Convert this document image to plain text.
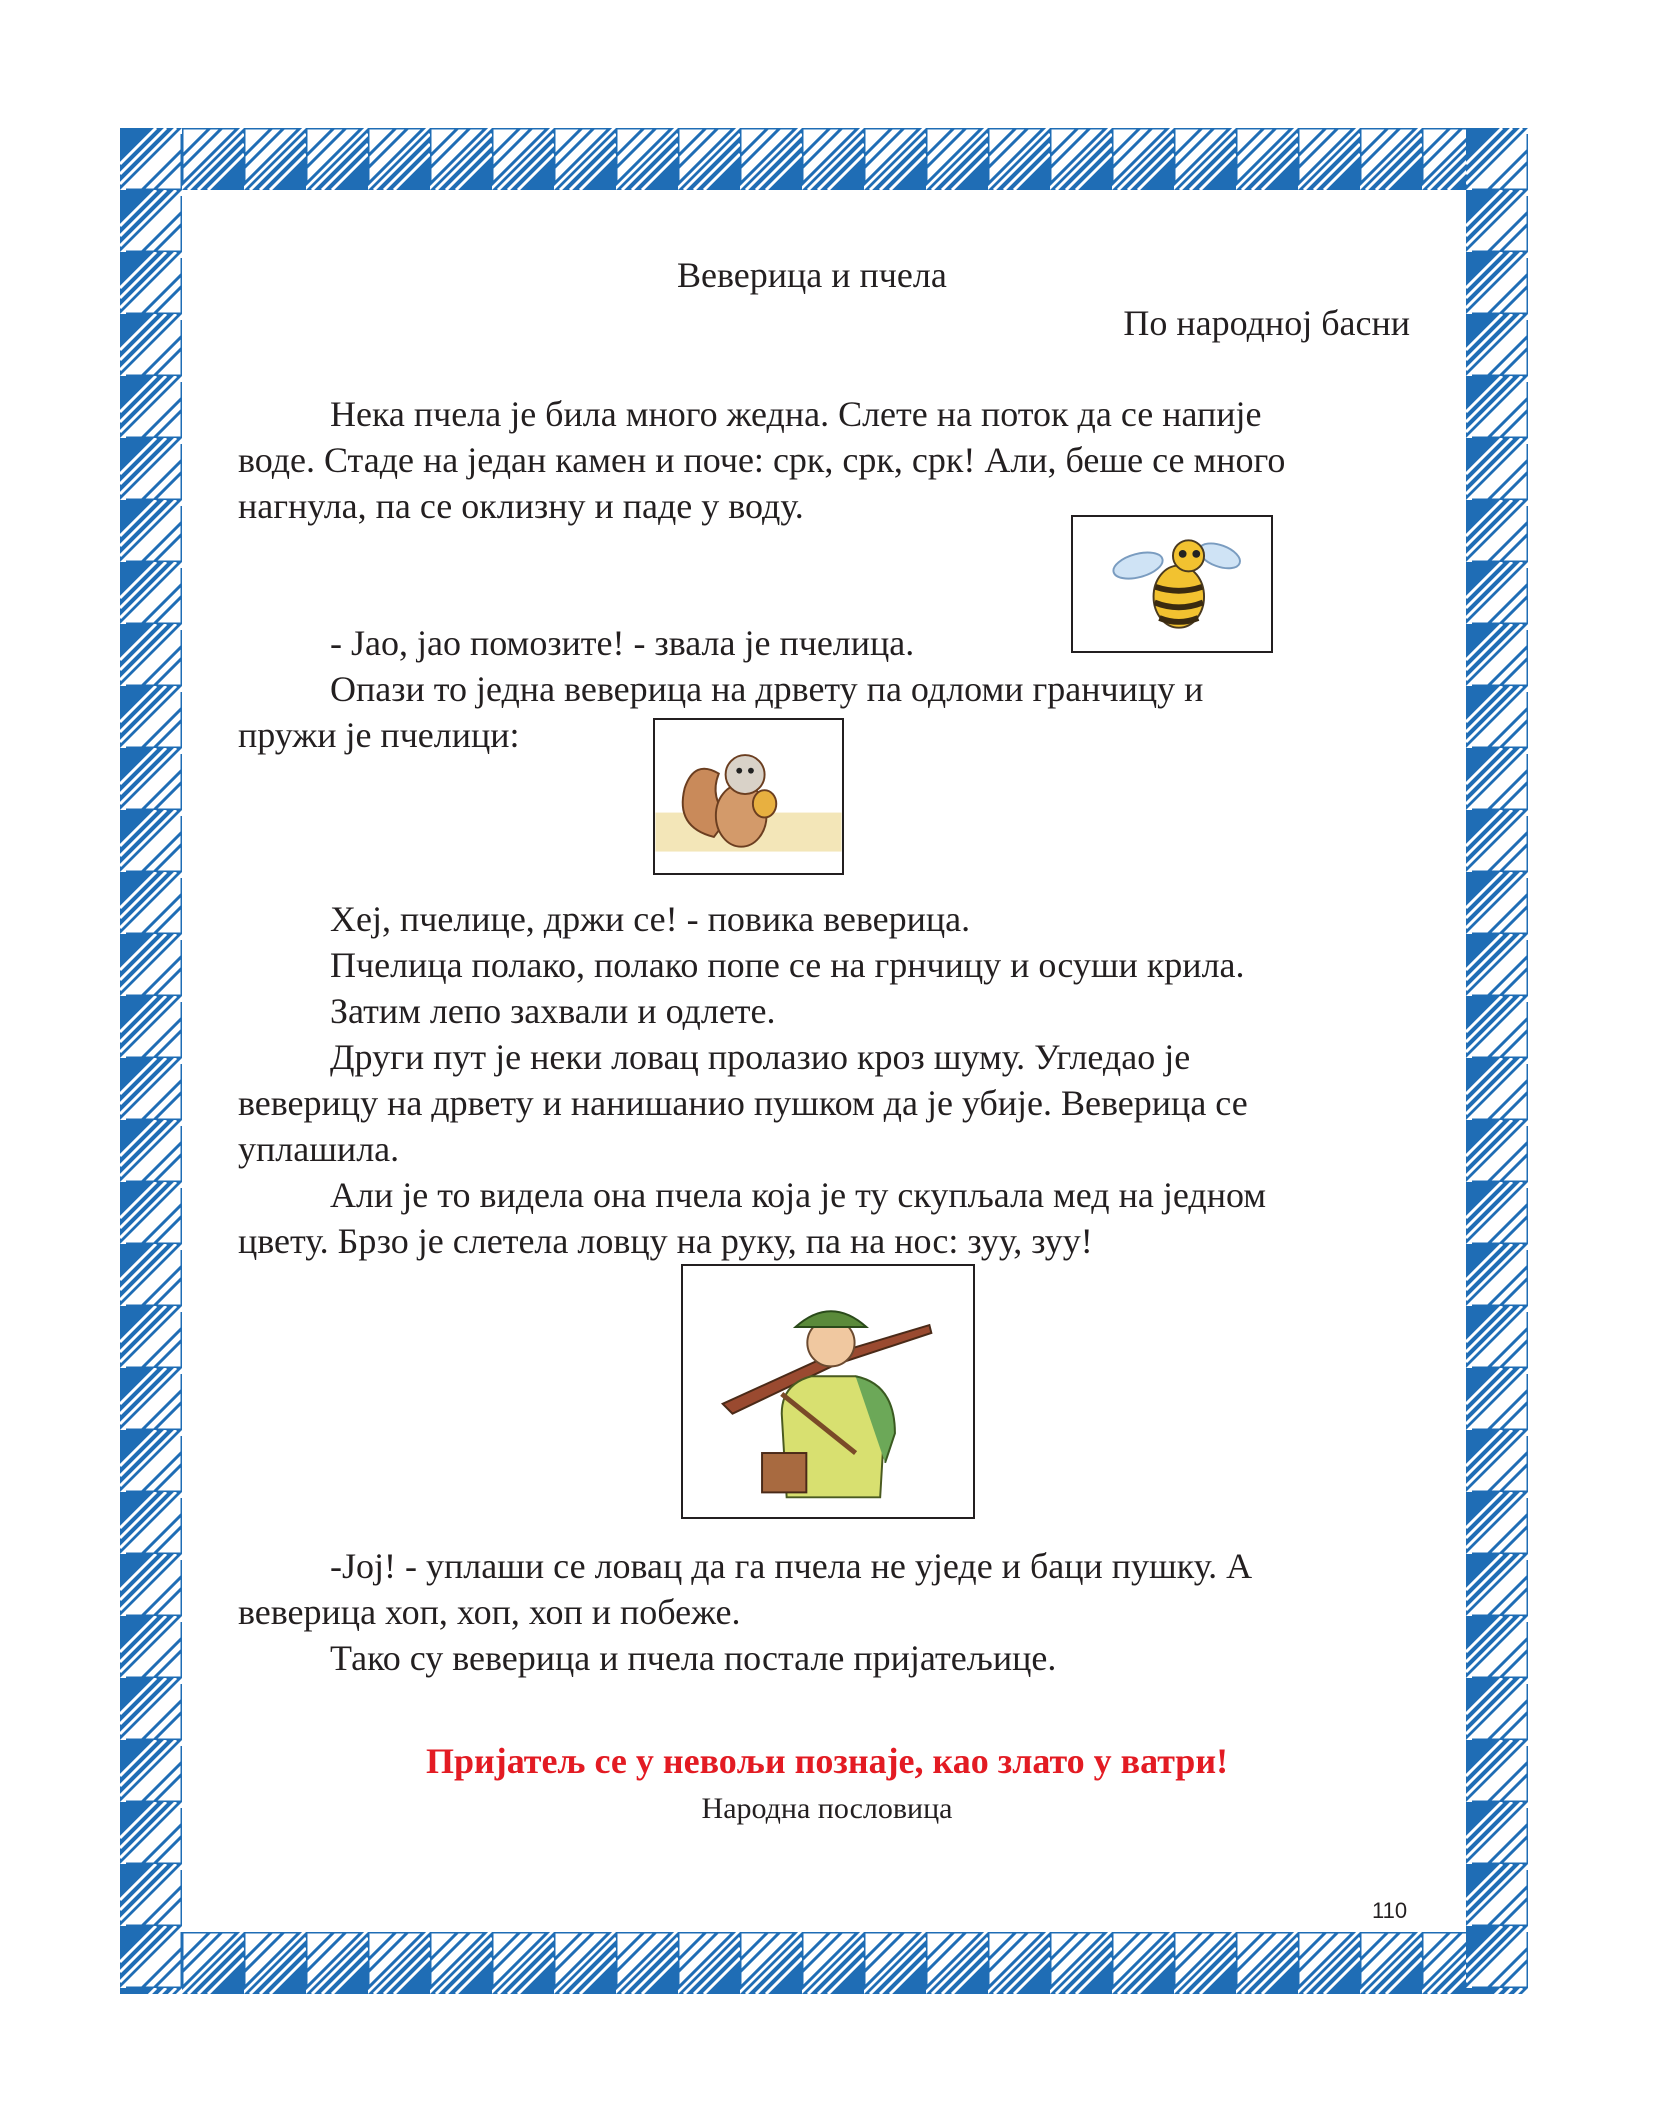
Веверица и пчела
По народној басни
Нека пчела је била много жедна. Слете на поток да се напије
воде. Стаде на један камен и поче: срк, срк, срк! Али, беше се много
нагнула, па се оклизну и паде у воду.
- Јао, јао помозите! - звала је пчелица.
Опази то једна веверица на дрвету па одломи гранчицу и
пружи је пчелици:
Хеј, пчелице, држи се! - повика веверица.
Пчелица полако, полако попе се на грнчицу и осуши крила.
Затим лепо захвали и одлете.
Други пут је неки ловац пролазио кроз шуму. Угледао је
веверицу на дрвету и нанишанио пушком да је убије. Веверица се
уплашила.
Али је то видела она пчела која је ту скупљала мед на једном
цвету. Брзо је слетела ловцу на руку, па на нос: зуу, зуу!
-Јој! - уплаши се ловац да га пчела не уједе и баци пушку. А
веверица хоп, хоп, хоп и побеже.
Тако су веверица и пчела постале пријатељице.
Пријатељ се у невољи познаје, као злато у ватри!
Народна пословица
110
